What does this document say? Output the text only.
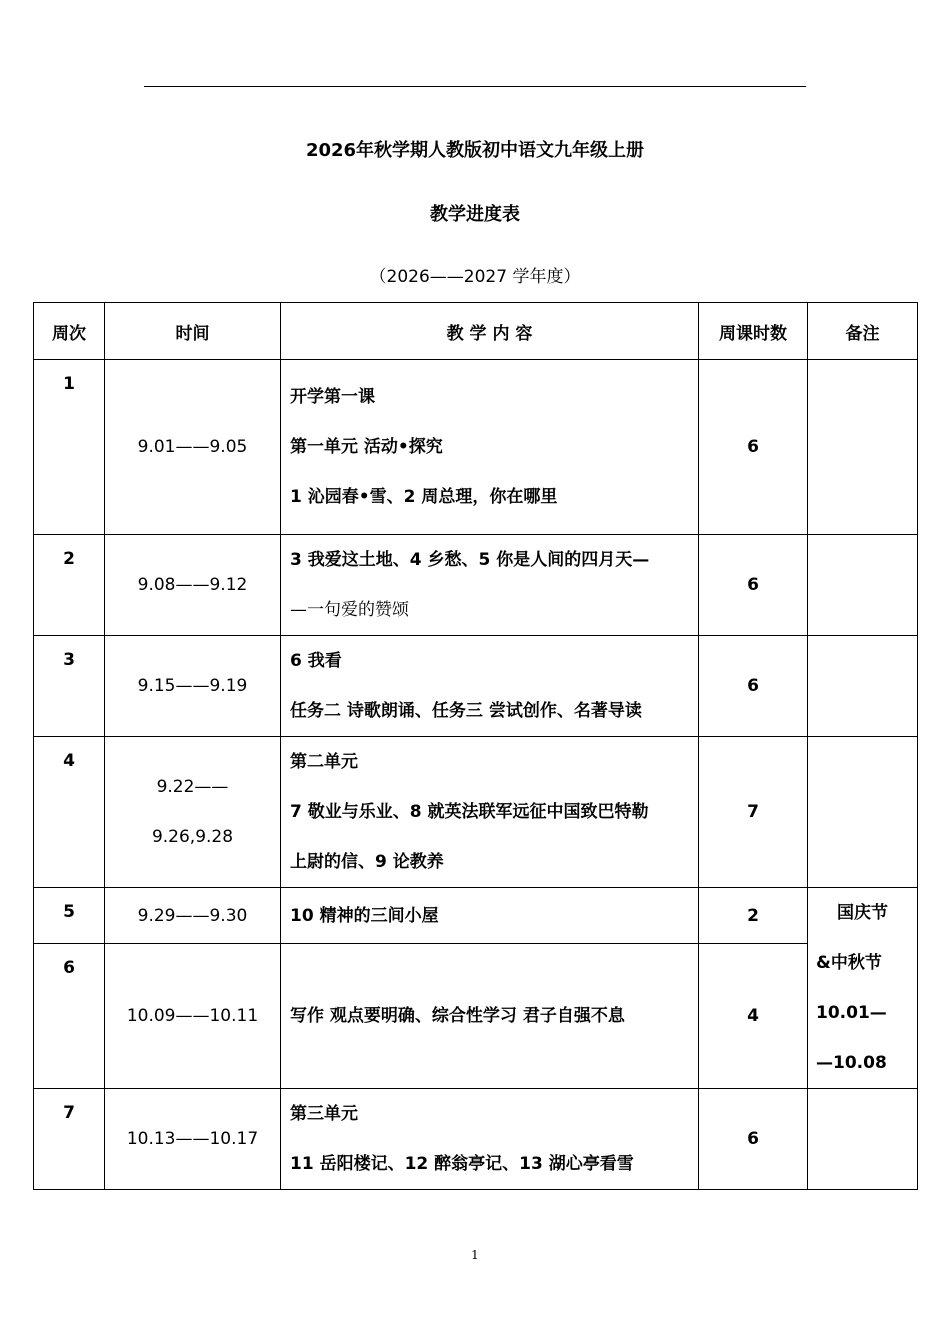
2026年秋学期人教版初中语文九年级上册
教学进度表
（2026——2027 学年度）
周次	时间	教 学 内 容	周课时数	备注
1	9.01——9.05	开学第一课
第一单元 活动•探究
1 沁园春•雪、2 周总理，你在哪里	6	
2	9.08——9.12	3 我爱这土地、4 乡愁、5 你是人间的四月天—
—一句爱的赞颂	6	
3	9.15——9.19	6 我看
任务二 诗歌朗诵、任务三 尝试创作、名著导读	6	
4	9.22——
9.26,9.28	第二单元
7 敬业与乐业、8 就英法联军远征中国致巴特勒
上尉的信、9 论教养	7	
5	9.29——9.30	10 精神的三间小屋	2	国庆节
&中秋节
10.01—
—10.08

6	10.09——10.11	写作 观点要明确、综合性学习 君子自强不息	4	
7	10.13——10.17	第三单元
11 岳阳楼记、12 醉翁亭记、13 湖心亭看雪	6	
1
